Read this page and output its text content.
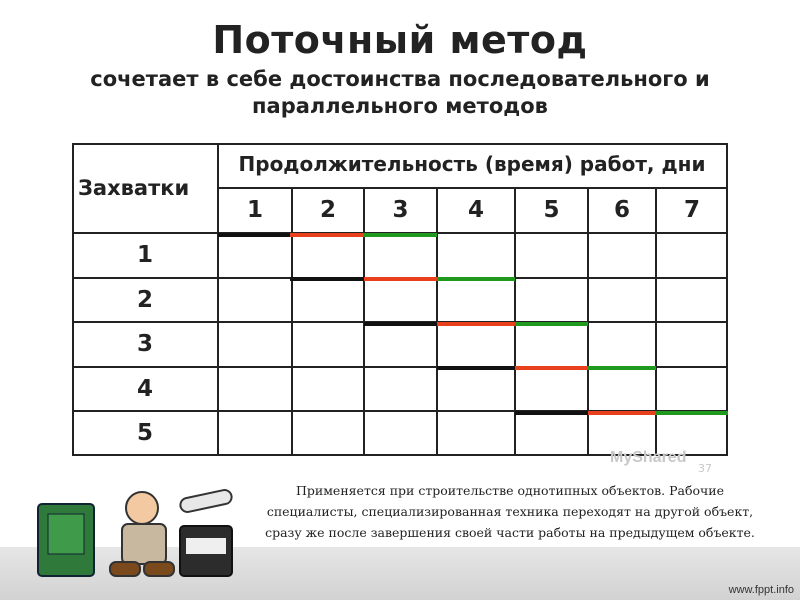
Поточный метод
сочетает в себе достоинства последовательного и параллельного методов
Захватки
Продолжительность (время) работ, дни
1	2	3	4	5	6	7
1
2
3
4
5
MyShared
37
Применяется при строительстве однотипных объектов. Рабочие специалисты, специализированная техника переходят на другой объект, сразу же после завершения своей части работы на предыдущем объекте.
www.fppt.info
